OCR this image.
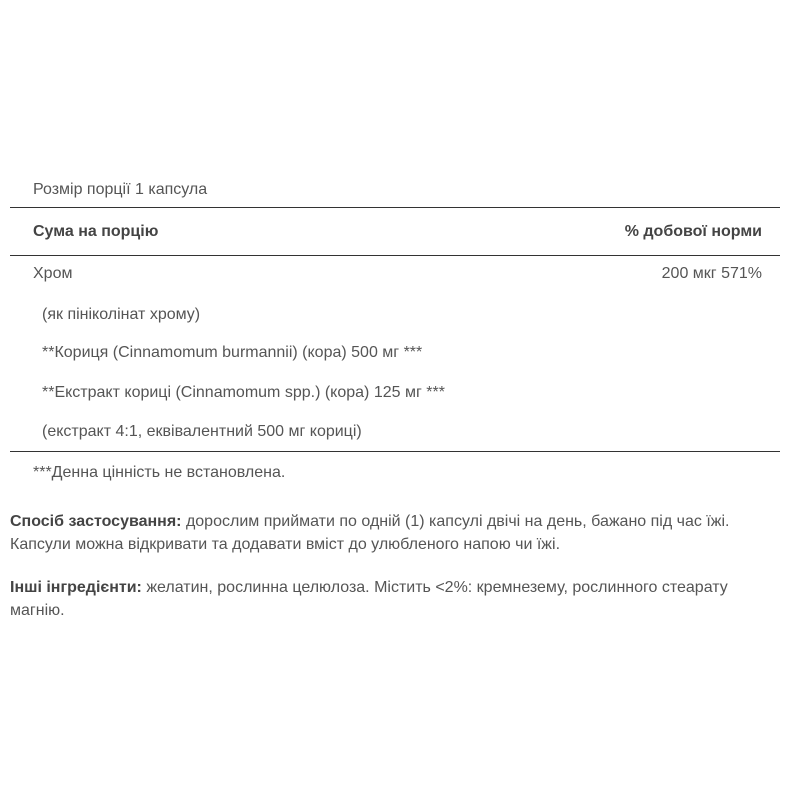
Розмір порції 1 капсула
Сума на порцію	% добової норми
Хром	200 мкг 571%
(як пініколінат хрому)
**Кориця (Cinnamomum burmannii) (кора) 500 мг ***
**Екстракт кориці (Cinnamomum spp.) (кора) 125 мг ***
(екстракт 4:1, еквівалентний 500 мг кориці)
***Денна цінність не встановлена.
Спосіб застосування: дорослим приймати по одній (1) капсулі двічі на день, бажано під час їжі. Капсули можна відкривати та додавати вміст до улюбленого напою чи їжі.
Інші інгредієнти: желатин, рослинна целюлоза. Містить <2%: кремнезему, рослинного стеарату магнію.
